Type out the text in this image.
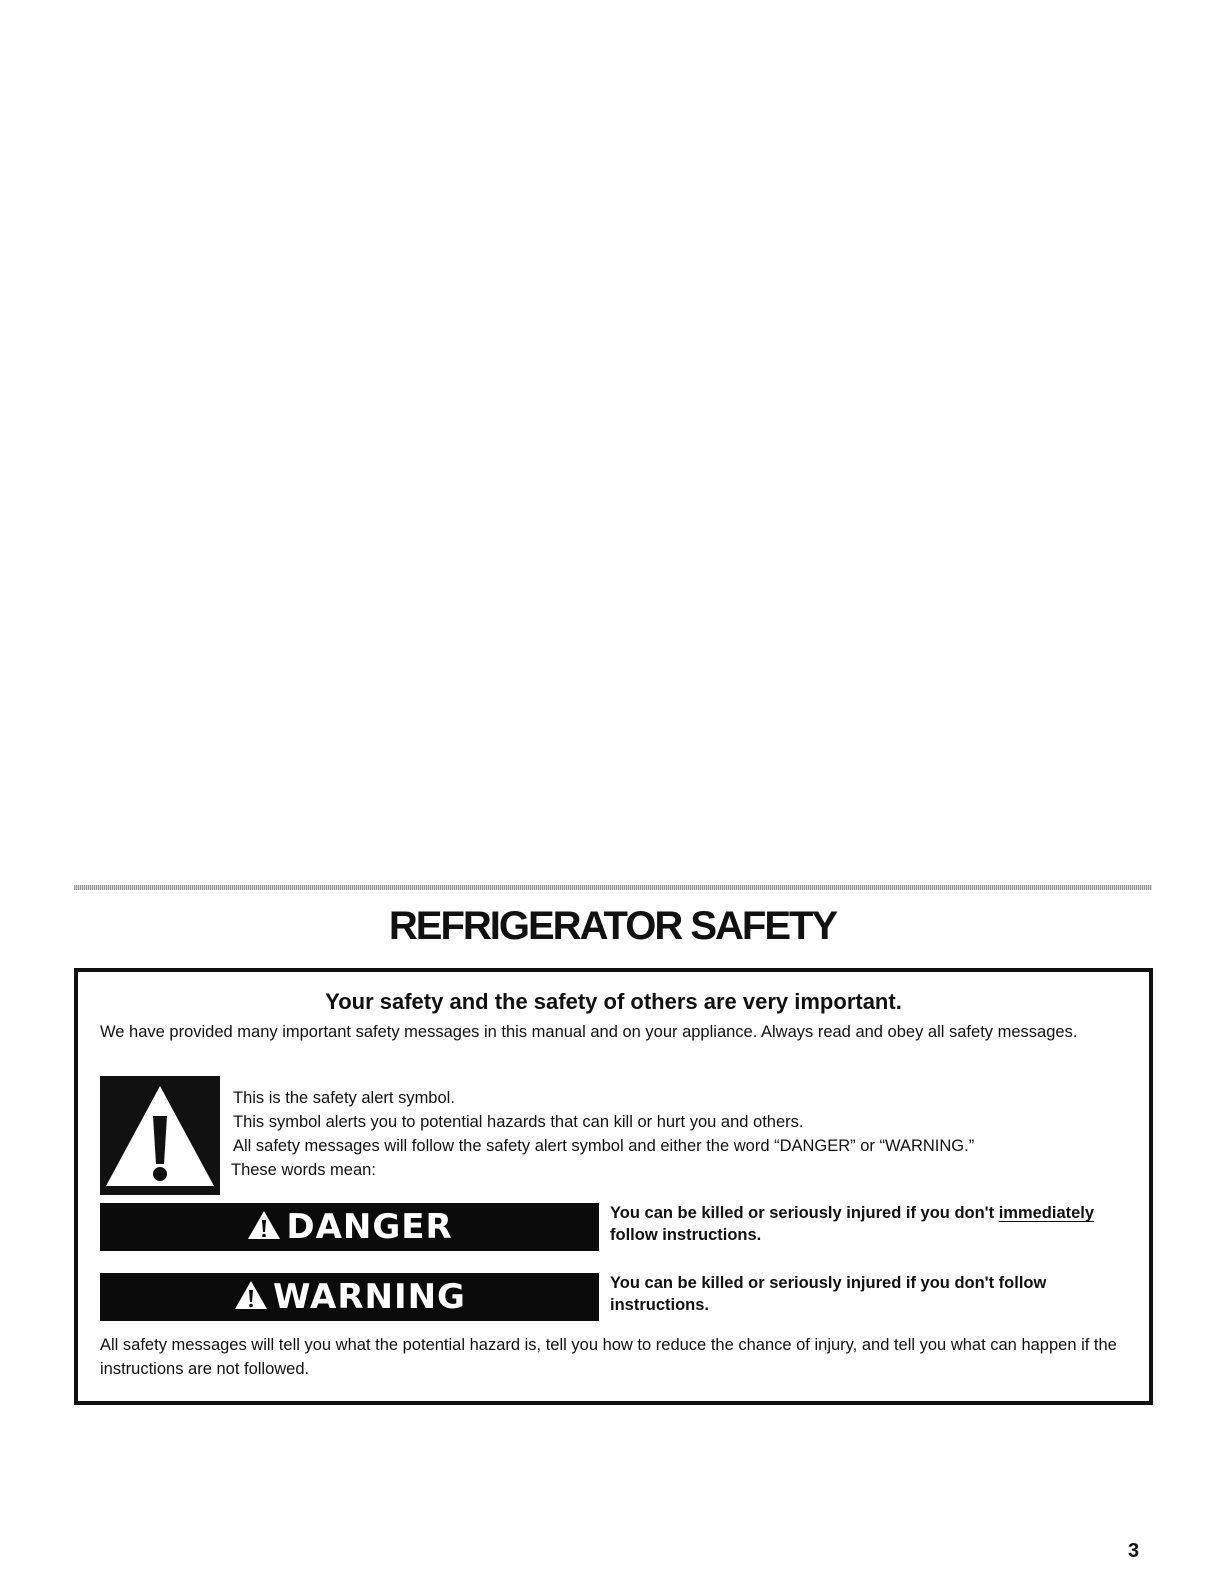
REFRIGERATOR SAFETY
Your safety and the safety of others are very important.
We have provided many important safety messages in this manual and on your appliance. Always read and obey all safety messages.
This is the safety alert symbol.
This symbol alerts you to potential hazards that can kill or hurt you and others.
All safety messages will follow the safety alert symbol and either the word “DANGER” or “WARNING.”
These words mean:
DANGER	You can be killed or seriously injured if you don't immediately follow instructions.
WARNING	You can be killed or seriously injured if you don't follow instructions.
All safety messages will tell you what the potential hazard is, tell you how to reduce the chance of injury, and tell you what can happen if the instructions are not followed.
3
